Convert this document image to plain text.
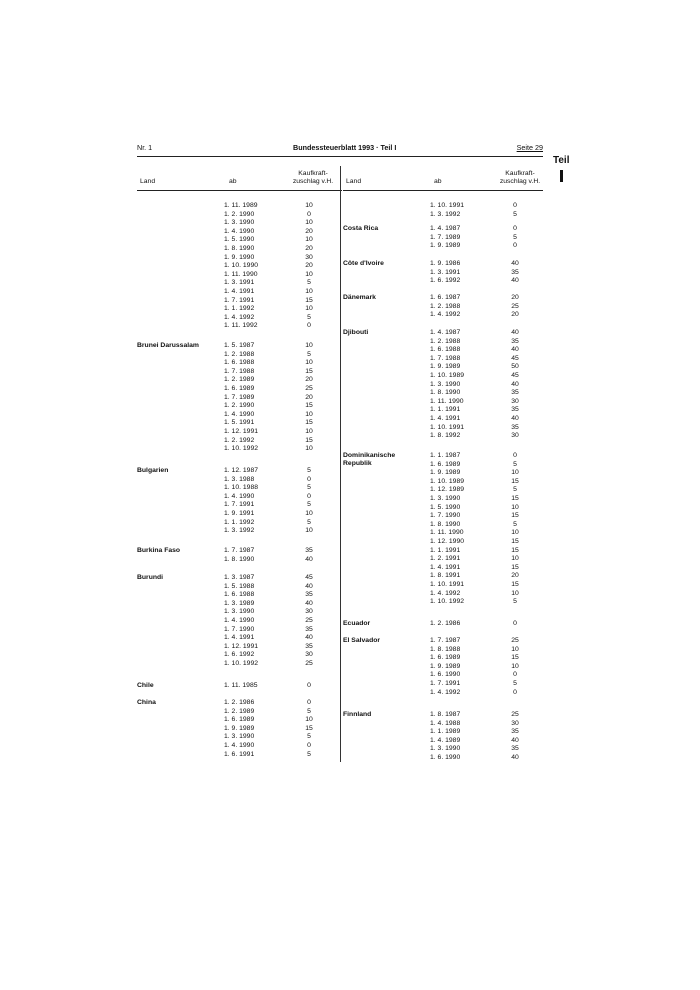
Nr. 1	Bundessteuerblatt 1993 · Teil I	Seite 29
Teil
Land	ab
Kaufkraft-
zuschlag v.H.	Land	ab
Kaufkraft-
zuschlag v.H.
1. 11. 1989	10
1. 2. 1990	0
1. 3. 1990	10
1. 4. 1990	20
1. 5. 1990	10
1. 8. 1990	20
1. 9. 1990	30
1. 10. 1990	20
1. 11. 1990	10
1. 3. 1991	5
1. 4. 1991	10
1. 7. 1991	15
1. 1. 1992	10
1. 4. 1992	5
1. 11. 1992	0
Brunei Darussalam	1. 5. 1987	10
1. 2. 1988	5
1. 6. 1988	10
1. 7. 1988	15
1. 2. 1989	20
1. 6. 1989	25
1. 7. 1989	20
1. 2. 1990	15
1. 4. 1990	10
1. 5. 1991	15
1. 12. 1991	10
1. 2. 1992	15
1. 10. 1992	10
Bulgarien	1. 12. 1987	5
1. 3. 1988	0
1. 10. 1988	5
1. 4. 1990	0
1. 7. 1991	5
1. 9. 1991	10
1. 1. 1992	5
1. 3. 1992	10
Burkina Faso	1. 7. 1987	35
1. 8. 1990	40
Burundi	1. 3. 1987	45
1. 5. 1988	40
1. 6. 1988	35
1. 3. 1989	40
1. 3. 1990	30
1. 4. 1990	25
1. 7. 1990	35
1. 4. 1991	40
1. 12. 1991	35
1. 6. 1992	30
1. 10. 1992	25
Chile	1. 11. 1985	0
China	1. 2. 1986	0
1. 2. 1989	5
1. 6. 1989	10
1. 9. 1989	15
1. 3. 1990	5
1. 4. 1990	0
1. 6. 1991	5
1. 10. 1991	0
1. 3. 1992	5
Costa Rica	1. 4. 1987	0
1. 7. 1989	5
1. 9. 1989	0
Côte d'Ivoire	1. 9. 1986	40
1. 3. 1991	35
1. 6. 1992	40
Dänemark	1. 6. 1987	20
1. 2. 1988	25
1. 4. 1992	20
Djibouti	1. 4. 1987	40
1. 2. 1988	35
1. 6. 1988	40
1. 7. 1988	45
1. 9. 1989	50
1. 10. 1989	45
1. 3. 1990	40
1. 8. 1990	35
1. 11. 1990	30
1. 1. 1991	35
1. 4. 1991	40
1. 10. 1991	35
1. 8. 1992	30
Dominikanische
Republik
1. 1. 1987	0
1. 6. 1989	5
1. 9. 1989	10
1. 10. 1989	15
1. 12. 1989	5
1. 3. 1990	15
1. 5. 1990	10
1. 7. 1990	15
1. 8. 1990	5
1. 11. 1990	10
1. 12. 1990	15
1. 1. 1991	15
1. 2. 1991	10
1. 4. 1991	15
1. 8. 1991	20
1. 10. 1991	15
1. 4. 1992	10
1. 10. 1992	5
Ecuador	1. 2. 1986	0
El Salvador	1. 7. 1987	25
1. 8. 1988	10
1. 6. 1989	15
1. 9. 1989	10
1. 6. 1990	0
1. 7. 1991	5
1. 4. 1992	0
Finnland	1. 8. 1987	25
1. 4. 1988	30
1. 1. 1989	35
1. 4. 1989	40
1. 3. 1990	35
1. 6. 1990	40
